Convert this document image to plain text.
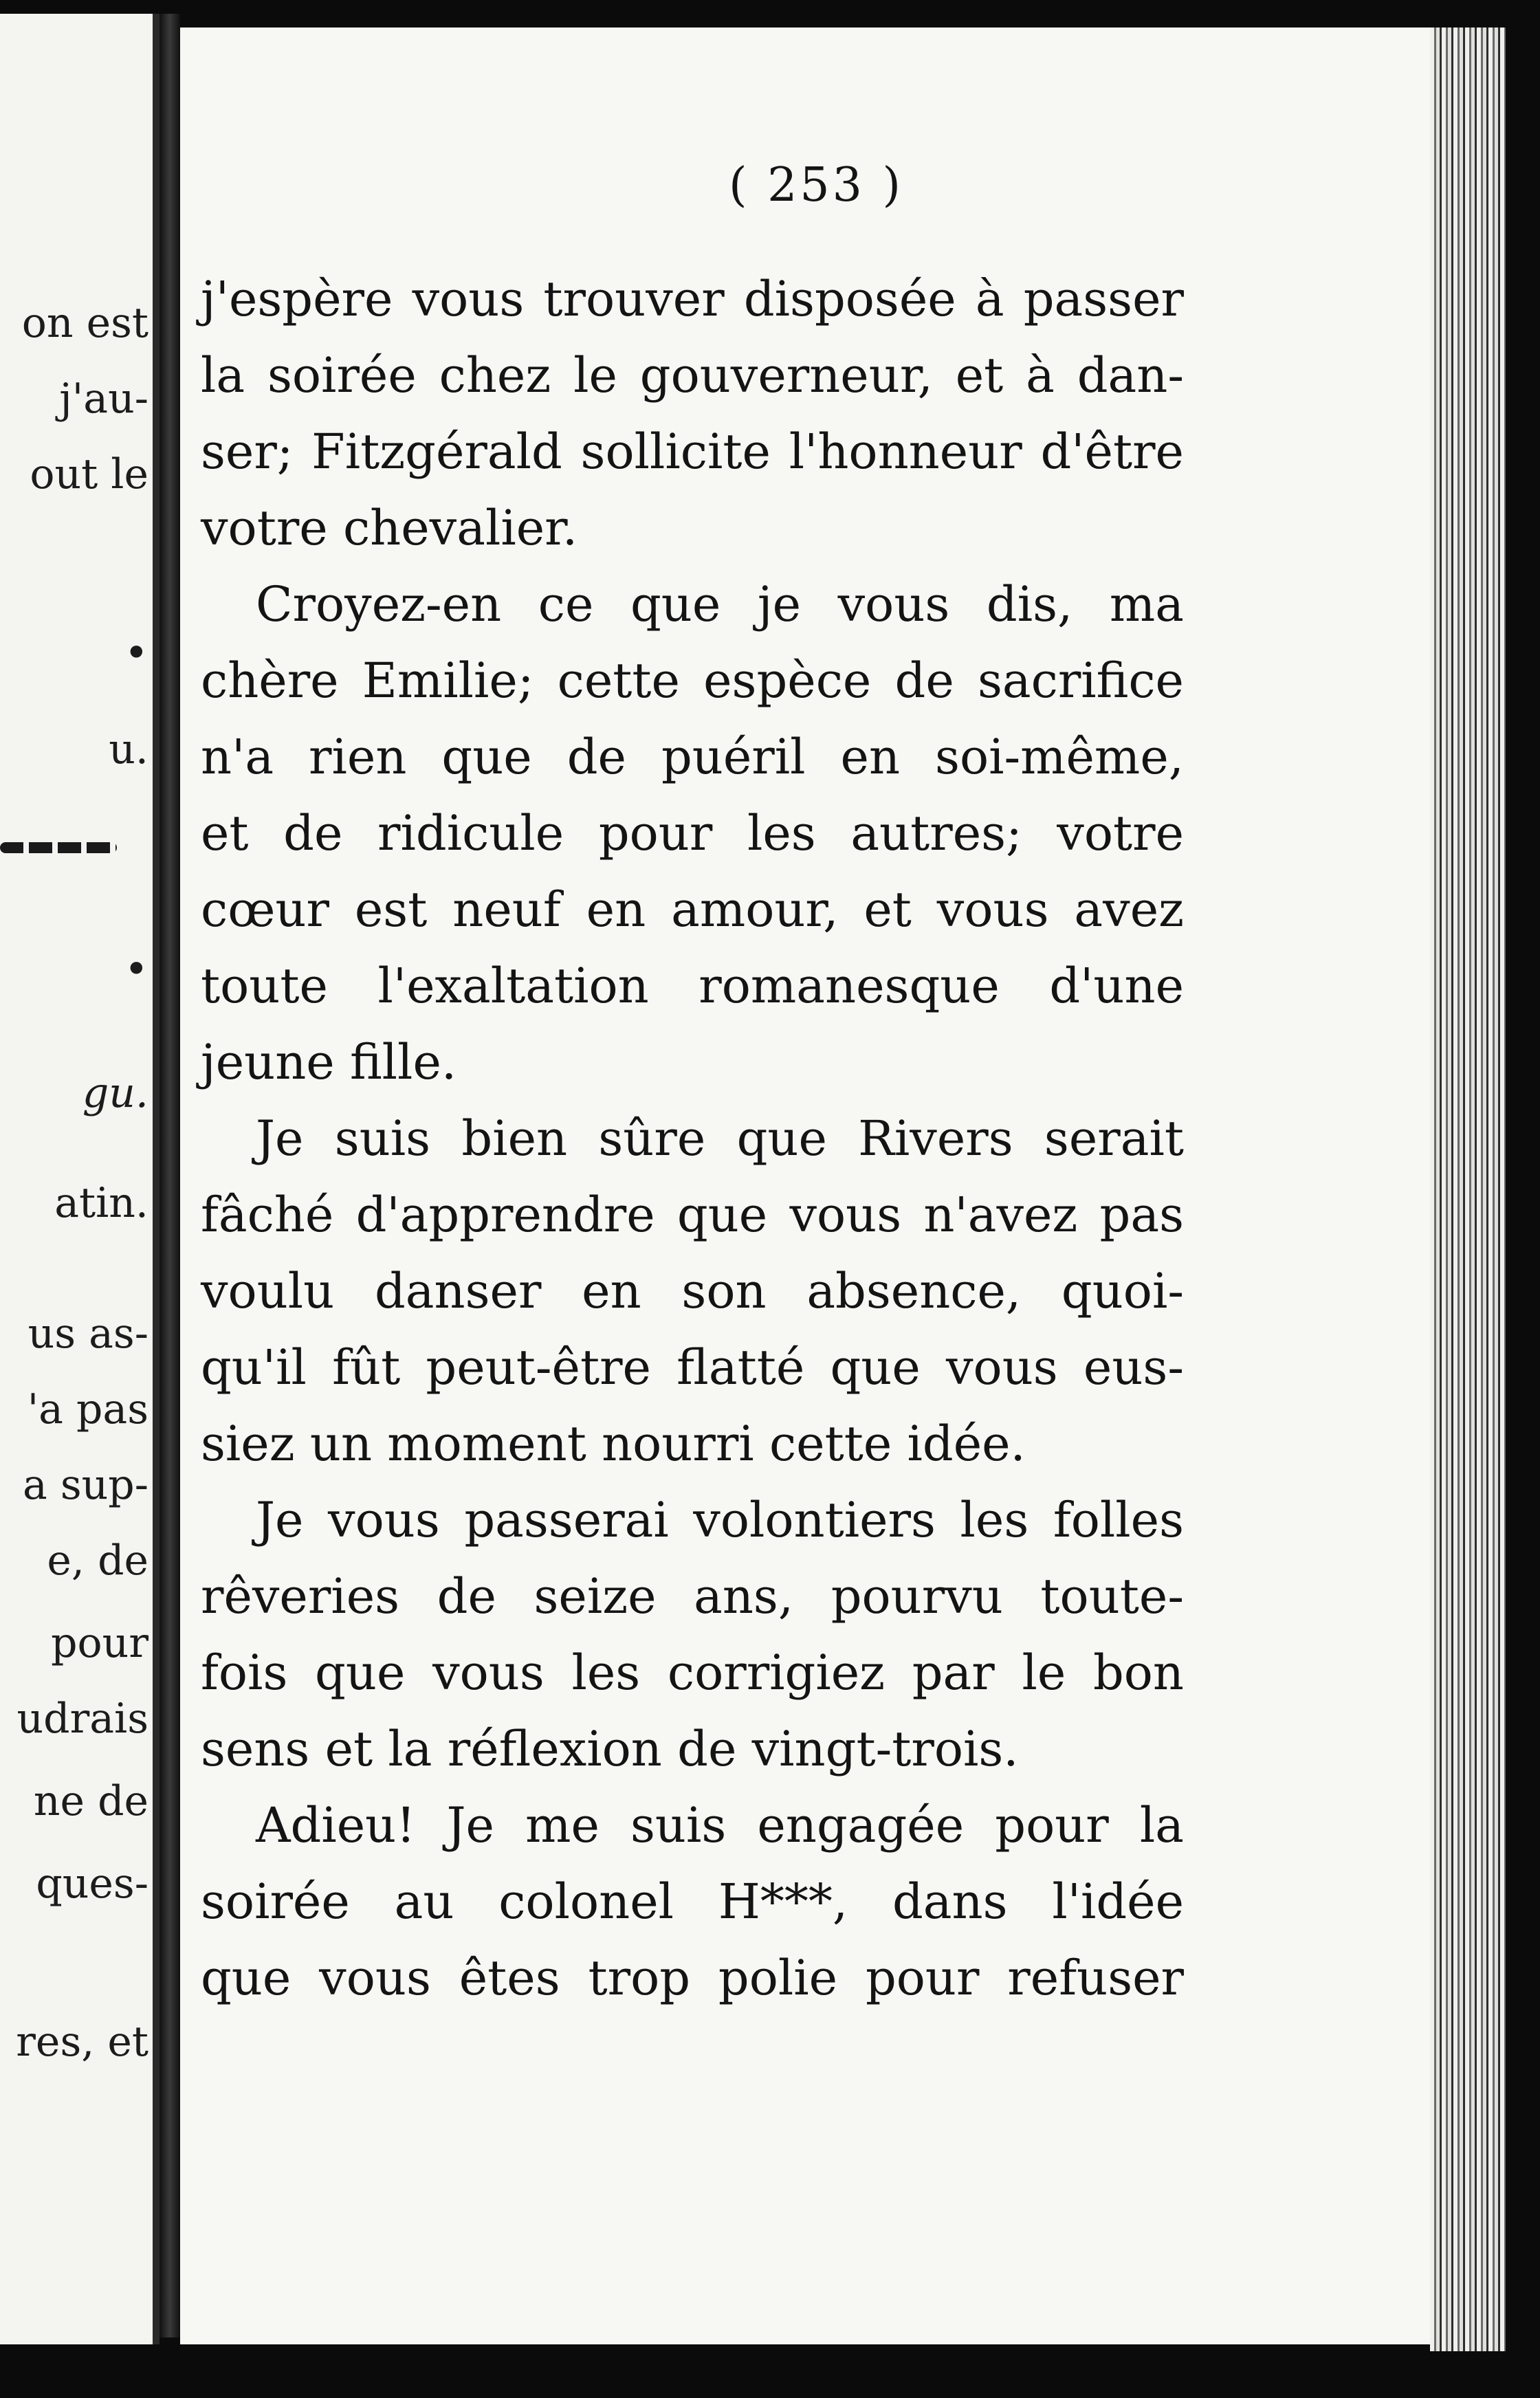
on est
j'au-
out le
•
u.
•
gu.
atin.
us as-
'a pas
a sup-
e, de
pour
udrais
ne de
ques-
res, et
( 253 )
j'espère vous trouver disposée à passer
la soirée chez le gouverneur, et à dan-
ser; Fitzgérald sollicite l'honneur d'être
votre chevalier.
Croyez-en ce que je vous dis, ma
chère Emilie; cette espèce de sacrifice
n'a rien que de puéril en soi-même,
et de ridicule pour les autres; votre
cœur est neuf en amour, et vous avez
toute l'exaltation romanesque d'une
jeune fille.
Je suis bien sûre que Rivers serait
fâché d'apprendre que vous n'avez pas
voulu danser en son absence, quoi-
qu'il fût peut-être flatté que vous eus-
siez un moment nourri cette idée.
Je vous passerai volontiers les folles
rêveries de seize ans, pourvu toute-
fois que vous les corrigiez par le bon
sens et la réflexion de vingt-trois.
Adieu! Je me suis engagée pour la
soirée au colonel H***, dans l'idée
que vous êtes trop polie pour refuser
